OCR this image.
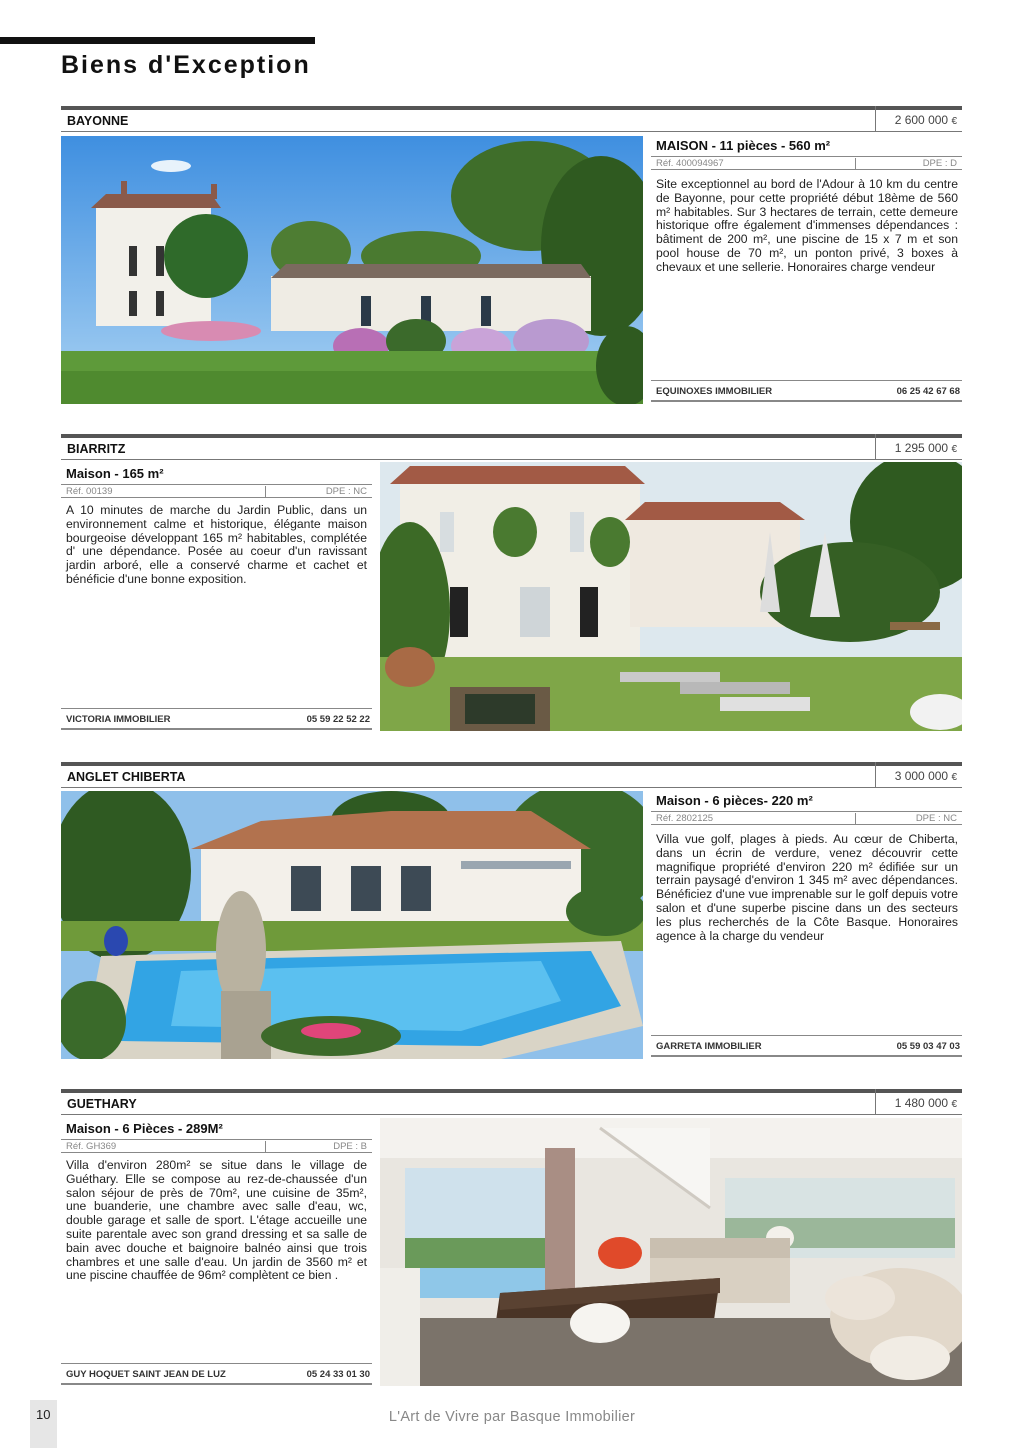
Biens d'Exception
BAYONNE	2 600 000 €
MAISON - 11 pièces - 560 m²
Réf. 400094967	DPE : D

Site exceptionnel au bord de l'Adour à 10 km du centre de Bayonne, pour cette propriété début 18ème de 560 m² habitables. Sur 3 hectares de terrain, cette demeure historique offre également d'immenses dépendances : bâtiment de 200 m², une piscine de 15 x 7 m et son pool house de 70 m², un ponton privé, 3 boxes à chevaux et une sellerie. Honoraires charge vendeur

EQUINOXES IMMOBILIER	06 25 42 67 68
BIARRITZ	1 295 000 €
Maison - 165 m²
Réf. 00139	DPE : NC

A 10 minutes de marche du Jardin Public, dans un environnement calme et historique, élégante maison bourgeoise développant 165 m² habitables, complétée d' une dépendance. Posée au coeur d'un ravissant jardin arboré, elle a conservé charme et cachet et bénéficie d'une bonne exposition.

VICTORIA IMMOBILIER	05 59 22 52 22
ANGLET CHIBERTA	3 000 000 €
Maison - 6 pièces- 220 m²
Réf. 2802125	DPE : NC

Villa vue golf, plages à pieds. Au cœur de Chiberta, dans un écrin de verdure, venez découvrir cette magnifique propriété d'environ 220 m² édifiée sur un terrain paysagé d'environ 1 345 m² avec dépendances. Bénéficiez d'une vue imprenable sur le golf depuis votre salon et d'une superbe piscine dans un des secteurs les plus recherchés de la Côte Basque. Honoraires agence à la charge du vendeur

GARRETA IMMOBILIER	05 59 03 47 03
GUETHARY	1 480 000 €
Maison - 6 Pièces - 289M²
Réf. GH369	DPE : B

Villa d'environ 280m² se situe dans le village de Guéthary. Elle se compose au rez-de-chaussée d'un salon séjour de près de 70m², une cuisine de 35m², une buanderie, une chambre avec salle d'eau, wc, double garage et salle de sport. L'étage accueille une suite parentale avec son grand dressing et sa salle de bain avec douche et baignoire balnéo ainsi que trois chambres et une salle d'eau. Un jardin de 3560 m² et une piscine chauffée de 96m² complètent ce bien .

GUY HOQUET SAINT JEAN DE LUZ	05 24 33 01 30
10	L'Art de Vivre par Basque Immobilier
